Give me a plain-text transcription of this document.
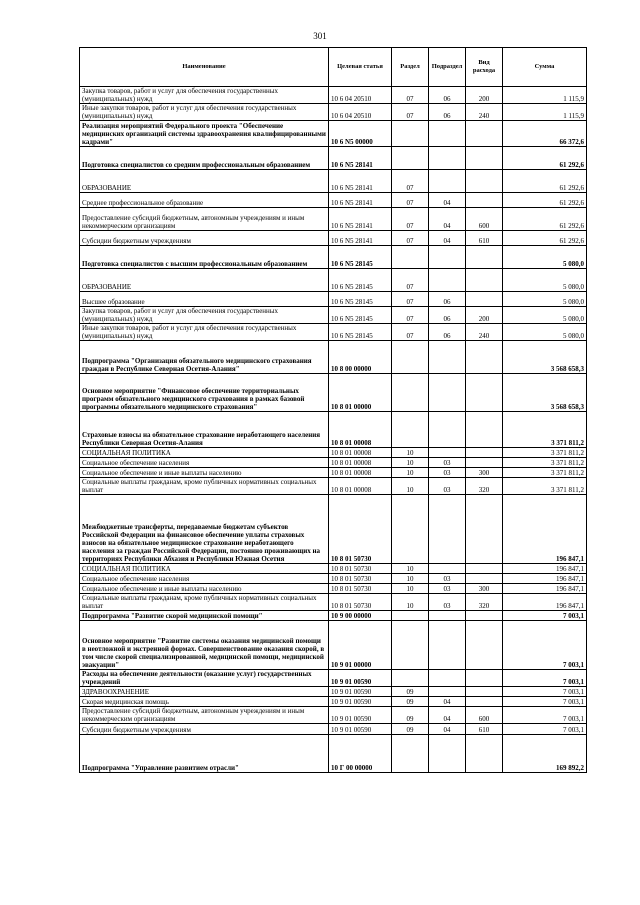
301
Наименование	Целевая статья	Раздел	Подраздел	Вид расхода	Сумма
Закупка товаров, работ и услуг для обеспечения государственных (муниципальных) нужд	10 6 04 20510	07	06	200	1 115,9
Иные закупки товаров, работ и услуг для обеспечения государственных (муниципальных) нужд	10 6 04 20510	07	06	240	1 115,9
Реализация мероприятий Федерального проекта "Обеспечение медицинских организаций системы здравоохранения квалифицированными кадрами"	10 6 N5 00000				66 372,6
Подготовка специалистов со средним профессиональным образованием	10 6 N5 28141				61 292,6
ОБРАЗОВАНИЕ	10 6 N5 28141	07			61 292,6
Среднее профессиональное образование	10 6 N5 28141	07	04		61 292,6
Предоставление субсидий бюджетным, автономным учреждениям и иным некоммерческим организациям	10 6 N5 28141	07	04	600	61 292,6
Субсидии бюджетным учреждениям	10 6 N5 28141	07	04	610	61 292,6
Подготовка специалистов с высшим профессиональным образованием	10 6 N5 28145				5 080,0
ОБРАЗОВАНИЕ	10 6 N5 28145	07			5 080,0
Высшее образование	10 6 N5 28145	07	06		5 080,0
Закупка товаров, работ и услуг для обеспечения государственных (муниципальных) нужд	10 6 N5 28145	07	06	200	5 080,0
Иные закупки товаров, работ и услуг для обеспечения государственных (муниципальных) нужд	10 6 N5 28145	07	06	240	5 080,0
Подпрограмма "Организация обязательного медицинского страхования граждан в Республике Северная Осетия-Алания"	10 8 00 00000				3 568 658,3
Основное мероприятие "Финансовое обеспечение территориальных программ обязательного медицинского страхования в рамках базовой программы обязательного медицинского страхования"	10 8 01 00000				3 568 658,3
Страховые взносы на обязательное страхование неработающего населения Республики Северная Осетия-Алания	10 8 01 00008				3 371 811,2
СОЦИАЛЬНАЯ ПОЛИТИКА	10 8 01 00008	10			3 371 811,2
Социальное обеспечение населения	10 8 01 00008	10	03		3 371 811,2
Социальное обеспечение и иные выплаты населению	10 8 01 00008	10	03	300	3 371 811,2
Социальные выплаты гражданам, кроме публичных нормативных социальных выплат	10 8 01 00008	10	03	320	3 371 811,2
Межбюджетные трансферты, передаваемые бюджетам субъектов Российской Федерации на финансовое обеспечение уплаты страховых взносов на обязательное медицинское страхование неработающего населения за граждан Российской Федерации, постоянно проживающих на территориях Республики Абхазия и Республики Южная Осетия	10 8 01 50730				196 847,1
СОЦИАЛЬНАЯ ПОЛИТИКА	10 8 01 50730	10			196 847,1
Социальное обеспечение населения	10 8 01 50730	10	03		196 847,1
Социальное обеспечение и иные выплаты населению	10 8 01 50730	10	03	300	196 847,1
Социальные выплаты гражданам, кроме публичных нормативных социальных выплат	10 8 01 50730	10	03	320	196 847,1
Подпрограмма "Развитие скорой медицинской помощи"	10 9 00 00000				7 003,1
Основное мероприятие "Развитие системы оказания медицинской помощи в неотложной и экстренной формах. Совершенствование оказания скорой, в том числе скорой специализированной, медицинской помощи, медицинской эвакуации"	10 9 01 00000				7 003,1
Расходы на обеспечение деятельности (оказание услуг) государственных учреждений	10 9 01 00590				7 003,1
ЗДРАВООХРАНЕНИЕ	10 9 01 00590	09			7 003,1
Скорая медицинская помощь	10 9 01 00590	09	04		7 003,1
Предоставление субсидий бюджетным, автономным учреждениям и иным некоммерческим организациям	10 9 01 00590	09	04	600	7 003,1
Субсидии бюджетным учреждениям	10 9 01 00590	09	04	610	7 003,1
Подпрограмма "Управление развитием отрасли"	10 Г 00 00000				169 892,2
